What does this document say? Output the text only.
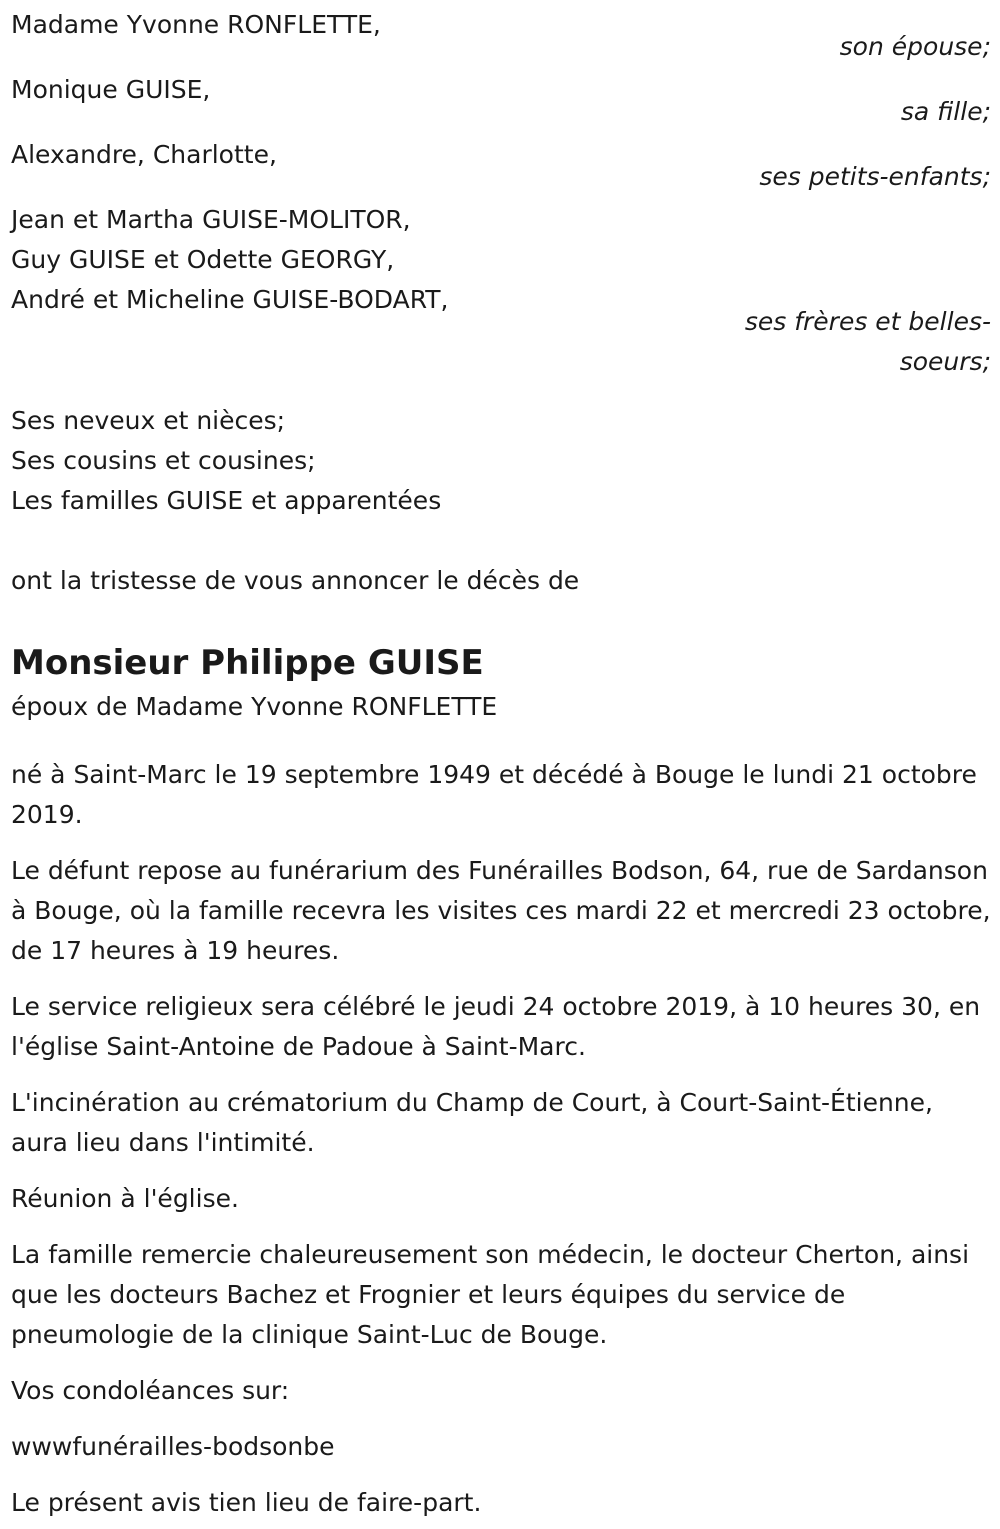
Madame Yvonne RONFLETTE,
son épouse;
Monique GUISE,
sa fille;
Alexandre, Charlotte,
ses petits-enfants;
Jean et Martha GUISE-MOLITOR,
Guy GUISE et Odette GEORGY,
André et Micheline GUISE-BODART,
ses frères et belles-
soeurs;
Ses neveux et nièces;
Ses cousins et cousines;
Les familles GUISE et apparentées
ont la tristesse de vous annoncer le décès de
Monsieur Philippe GUISE
époux de Madame Yvonne RONFLETTE

né à Saint-Marc le 19 septembre 1949 et décédé à Bouge le lundi 21 octobre 2019.

Le défunt repose au funérarium des Funérailles Bodson, 64, rue de Sardanson à Bouge, où la famille recevra les visites ces mardi 22 et mercredi 23 octobre, de 17 heures à 19 heures.

Le service religieux sera célébré le jeudi 24 octobre 2019, à 10 heures 30, en l'église Saint-Antoine de Padoue à Saint-Marc.

L'incinération au crématorium du Champ de Court, à Court-Saint-Étienne, aura lieu dans l'intimité.

Réunion à l'église.

La famille remercie chaleureusement son médecin, le docteur Cherton, ainsi que les docteurs Bachez et Frognier et leurs équipes du service de pneumologie de la clinique Saint-Luc de Bouge.

Vos condoléances sur:

wwwfunérailles-bodsonbe

Le présent avis tien lieu de faire-part.
